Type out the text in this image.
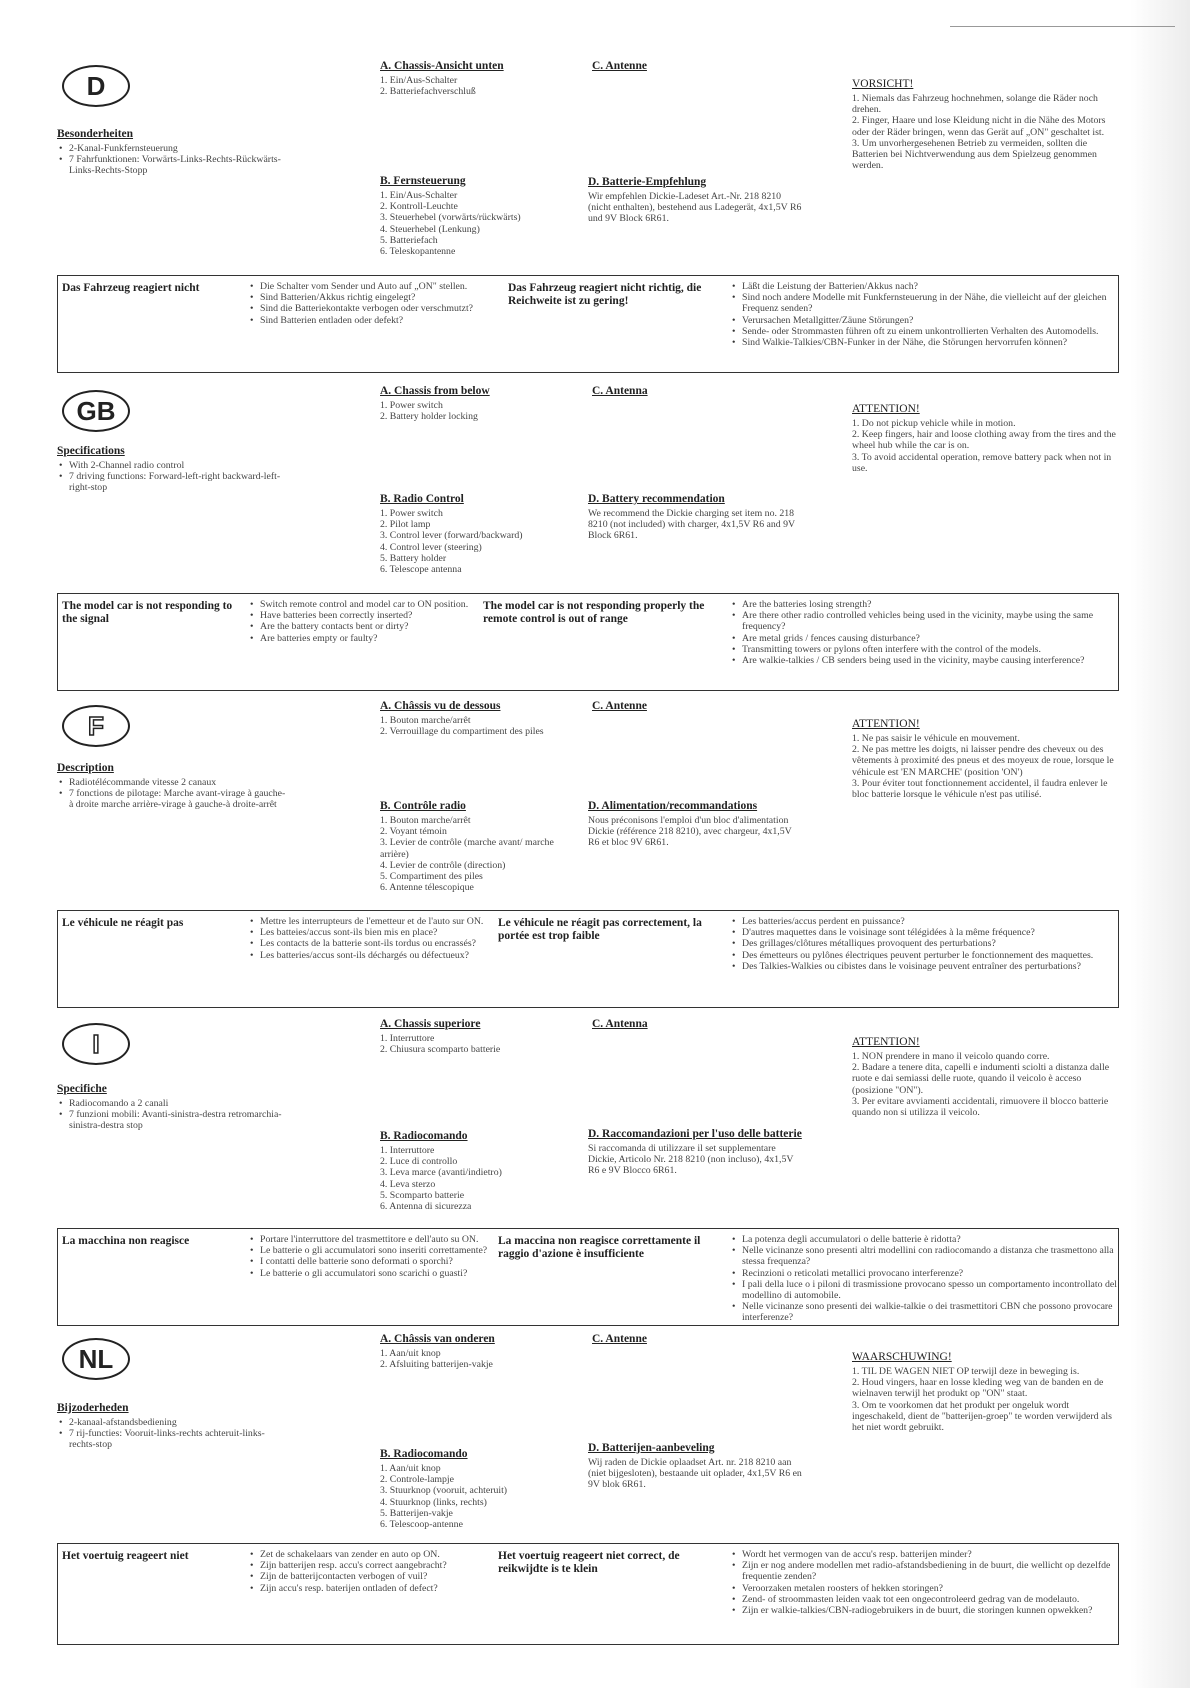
D
Besonderheiten
• 2-Kanal-Funkfernsteuerung
• 7 Fahrfunktionen: Vorwärts-Links-Rechts-Rückwärts-Links-Rechts-Stopp
A. Chassis-Ansicht unten
1. Ein/Aus-Schalter
2. Batteriefachverschluß
C. Antenne
B. Fernsteuerung
1. Ein/Aus-Schalter
2. Kontroll-Leuchte
3. Steuerhebel (vorwärts/rückwärts)
4. Steuerhebel (Lenkung)
5. Batteriefach
6. Teleskopantenne
D. Batterie-Empfehlung

Wir empfehlen Dickie-Ladeset Art.-Nr. 218 8210 (nicht enthalten), bestehend aus Ladegerät, 4x1,5V R6 und 9V Block 6R61.

VORSICHT!
1. Niemals das Fahrzeug hochnehmen, solange die Räder noch drehen.
2. Finger, Haare und lose Kleidung nicht in die Nähe des Motors oder der Räder bringen, wenn das Gerät auf „ON" geschaltet ist.
3. Um unvorhergesehenen Betrieb zu vermeiden, sollten die Batterien bei Nichtverwendung aus dem Spielzeug genommen werden.
Das Fahrzeug reagiert nicht	• Die Schalter vom Sender und Auto auf „ON" stellen.
• Sind Batterien/Akkus richtig eingelegt?
• Sind die Batteriekontakte verbogen oder verschmutzt?
• Sind Batterien entladen oder defekt?
Das Fahrzeug reagiert nicht richtig, die Reichweite ist zu gering!
• Läßt die Leistung der Batterien/Akkus nach?
• Sind noch andere Modelle mit Funkfernsteuerung in der Nähe, die vielleicht auf der gleichen Frequenz senden?
• Verursachen Metallgitter/Zäune Störungen?
• Sende- oder Strommasten führen oft zu einem unkontrollierten Verhalten des Automodells.
• Sind Walkie-Talkies/CBN-Funker in der Nähe, die Störungen hervorrufen können?
GB
Specifications
• With 2-Channel radio control
• 7 driving functions: Forward-left-right backward-left-right-stop
A. Chassis from below
1. Power switch
2. Battery holder locking
C. Antenna
B. Radio Control
1. Power switch
2. Pilot lamp
3. Control lever (forward/backward)
4. Control lever (steering)
5. Battery holder
6. Telescope antenna
D. Battery recommendation

We recommend the Dickie charging set item no. 218 8210 (not included) with charger, 4x1,5V R6 and 9V Block 6R61.

ATTENTION!
1. Do not pickup vehicle while in motion.
2. Keep fingers, hair and loose clothing away from the tires and the wheel hub while the car is on.
3. To avoid accidental operation, remove battery pack when not in use.
The model car is not responding to the signal
• Switch remote control and model car to ON position.
• Have batteries been correctly inserted?
• Are the battery contacts bent or dirty?
• Are batteries empty or faulty?
The model car is not responding properly the remote control is out of range
• Are the batteries losing strength?
• Are there other radio controlled vehicles being used in the vicinity, maybe using the same frequency?
• Are metal grids / fences causing disturbance?
• Transmitting towers or pylons often interfere with the control of the models.
• Are walkie-talkies / CB senders being used in the vicinity, maybe causing interference?
F
Description
• Radiotélécommande vitesse 2 canaux
• 7 fonctions de pilotage: Marche avant-virage à gauche-à droite marche arrière-virage à gauche-à droite-arrêt
A. Châssis vu de dessous
1. Bouton marche/arrêt
2. Verrouillage du compartiment des piles
C. Antenne
B. Contrôle radio
1. Bouton marche/arrêt
2. Voyant témoin
3. Levier de contrôle (marche avant/ marche arrière)
4. Levier de contrôle (direction)
5. Compartiment des piles
6. Antenne télescopique
D. Alimentation/recommandations

Nous préconisons l'emploi d'un bloc d'alimentation Dickie (référence 218 8210), avec chargeur, 4x1,5V R6 et bloc 9V 6R61.

ATTENTION!
1. Ne pas saisir le véhicule en mouvement.
2. Ne pas mettre les doigts, ni laisser pendre des cheveux ou des vêtements à proximité des pneus et des moyeux de roue, lorsque le véhicule est 'EN MARCHE' (position 'ON')
3. Pour éviter tout fonctionnement accidentel, il faudra enlever le bloc batterie lorsque le véhicule n'est pas utilisé.
Le véhicule ne réagit pas	• Mettre les interrupteurs de l'emetteur et de l'auto sur ON.
• Les batteies/accus sont-ils bien mis en place?
• Les contacts de la batterie sont-ils tordus ou encrassés?
• Les batteries/accus sont-ils déchargés ou défectueux?
Le véhicule ne réagit pas correctement, la portée est trop faible
• Les batteries/accus perdent en puissance?
• D'autres maquettes dans le voisinage sont télégidées à la même fréquence?
• Des grillages/clôtures métalliques provoquent des perturbations?
• Des émetteurs ou pylônes électriques peuvent perturber le fonctionnement des maquettes.
• Des Talkies-Walkies ou cibistes dans le voisinage peuvent entraîner des perturbations?
I
Specifiche
• Radiocomando a 2 canali
• 7 funzioni mobili: Avanti-sinistra-destra retromarchia-sinistra-destra stop
A. Chassis superiore
1. Interruttore
2. Chiusura scomparto batterie
C. Antenna
B. Radiocomando
1. Interruttore
2. Luce di controllo
3. Leva marce (avanti/indietro)
4. Leva sterzo
5. Scomparto batterie
6. Antenna di sicurezza
D. Raccomandazioni per l'uso delle batterie

Si raccomanda di utilizzare il set supplementare Dickie, Articolo Nr. 218 8210 (non incluso), 4x1,5V R6 e 9V Blocco 6R61.

ATTENTION!
1. NON prendere in mano il veicolo quando corre.
2. Badare a tenere dita, capelli e indumenti sciolti a distanza dalle ruote e dai semiassi delle ruote, quando il veicolo è acceso (posizione "ON").
3. Per evitare avviamenti accidentali, rimuovere il blocco batterie quando non si utilizza il veicolo.
La macchina non reagisce	• Portare l'interruttore del trasmettitore e dell'auto su ON.
• Le batterie o gli accumulatori sono inseriti correttamente?
• I contatti delle batterie sono deformati o sporchi?
• Le batterie o gli accumulatori sono scarichi o guasti?
La maccina non reagisce correttamente il raggio d'azione è insufficiente
• La potenza degli accumulatori o delle batterie è ridotta?
• Nelle vicinanze sono presenti altri modellini con radiocomando a distanza che trasmettono alla stessa frequenza?
• Recinzioni o reticolati metallici provocano interferenze?
• I pali della luce o i piloni di trasmissione provocano spesso un comportamento incontrollato del modellino di automobile.
• Nelle vicinanze sono presenti dei walkie-talkie o dei trasmettitori CBN che possono provocare interferenze?
NL
Bijzoderheden
• 2-kanaal-afstandsbediening
• 7 rij-functies: Vooruit-links-rechts achteruit-links-rechts-stop
A. Châssis van onderen
1. Aan/uit knop
2. Afsluiting batterijen-vakje
C. Antenne
B. Radiocomando
1. Aan/uit knop
2. Controle-lampje
3. Stuurknop (vooruit, achteruit)
4. Stuurknop (links, rechts)
5. Batterijen-vakje
6. Telescoop-antenne
D. Batterijen-aanbeveling

Wij raden de Dickie oplaadset Art. nr. 218 8210 aan (niet bijgesloten), bestaande uit oplader, 4x1,5V R6 en 9V blok 6R61.

WAARSCHUWING!
1. TIL DE WAGEN NIET OP terwijl deze in beweging is.
2. Houd vingers, haar en losse kleding weg van de banden en de wielnaven terwijl het produkt op "ON" staat.
3. Om te voorkomen dat het produkt per ongeluk wordt ingeschakeld, dient de "batterijen-groep" te worden verwijderd als het niet wordt gebruikt.
Het voertuig reageert niet	• Zet de schakelaars van zender en auto op ON.
• Zijn batterijen resp. accu's correct aangebracht?
• Zijn de batterijcontacten verbogen of vuil?
• Zijn accu's resp. baterijen ontladen of defect?
Het voertuig reageert niet correct, de reikwijdte is te klein
• Wordt het vermogen van de accu's resp. batterijen minder?
• Zijn er nog andere modellen met radio-afstandsbediening in de buurt, die wellicht op dezelfde frequentie zenden?
• Veroorzaken metalen roosters of hekken storingen?
• Zend- of stroommasten leiden vaak tot een ongecontroleerd gedrag van de modelauto.
• Zijn er walkie-talkies/CBN-radiogebruikers in de buurt, die storingen kunnen opwekken?
